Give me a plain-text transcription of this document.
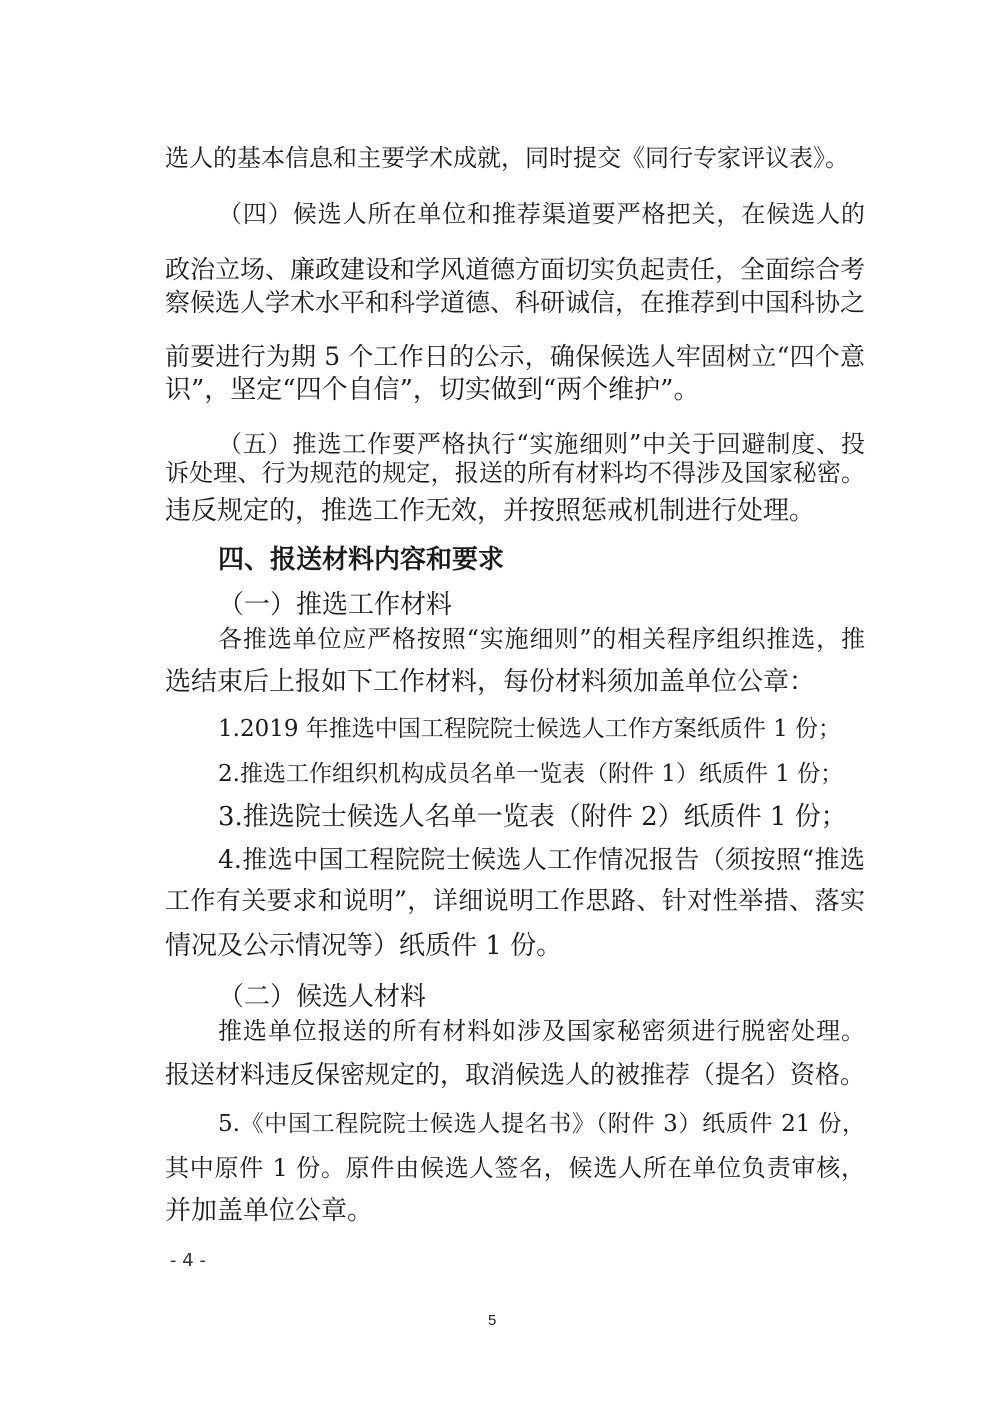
选人的基本信息和主要学术成就，同时提交《同行专家评议表》。
（四）候选人所在单位和推荐渠道要严格把关，在候选人的
政治立场、廉政建设和学风道德方面切实负起责任，全面综合考
察候选人学术水平和科学道德、科研诚信，在推荐到中国科协之
前要进行为期 5 个工作日的公示，确保候选人牢固树立“四个意
识”，坚定“四个自信”，切实做到“两个维护”。
（五）推选工作要严格执行“实施细则”中关于回避制度、投
诉处理、行为规范的规定，报送的所有材料均不得涉及国家秘密。
违反规定的，推选工作无效，并按照惩戒机制进行处理。
四、报送材料内容和要求
（一）推选工作材料
各推选单位应严格按照“实施细则”的相关程序组织推选，推
选结束后上报如下工作材料，每份材料须加盖单位公章：
1.2019 年推选中国工程院院士候选人工作方案纸质件 1 份；
2.推选工作组织机构成员名单一览表（附件 1）纸质件 1 份；
3.推选院士候选人名单一览表（附件 2）纸质件 1 份；
4.推选中国工程院院士候选人工作情况报告（须按照“推选
工作有关要求和说明”，详细说明工作思路、针对性举措、落实
情况及公示情况等）纸质件 1 份。
（二）候选人材料
推选单位报送的所有材料如涉及国家秘密须进行脱密处理。
报送材料违反保密规定的，取消候选人的被推荐（提名）资格。
5.《中国工程院院士候选人提名书》（附件 3）纸质件 21 份，
其中原件 1 份。原件由候选人签名，候选人所在单位负责审核，
并加盖单位公章。
- 4 -
5
